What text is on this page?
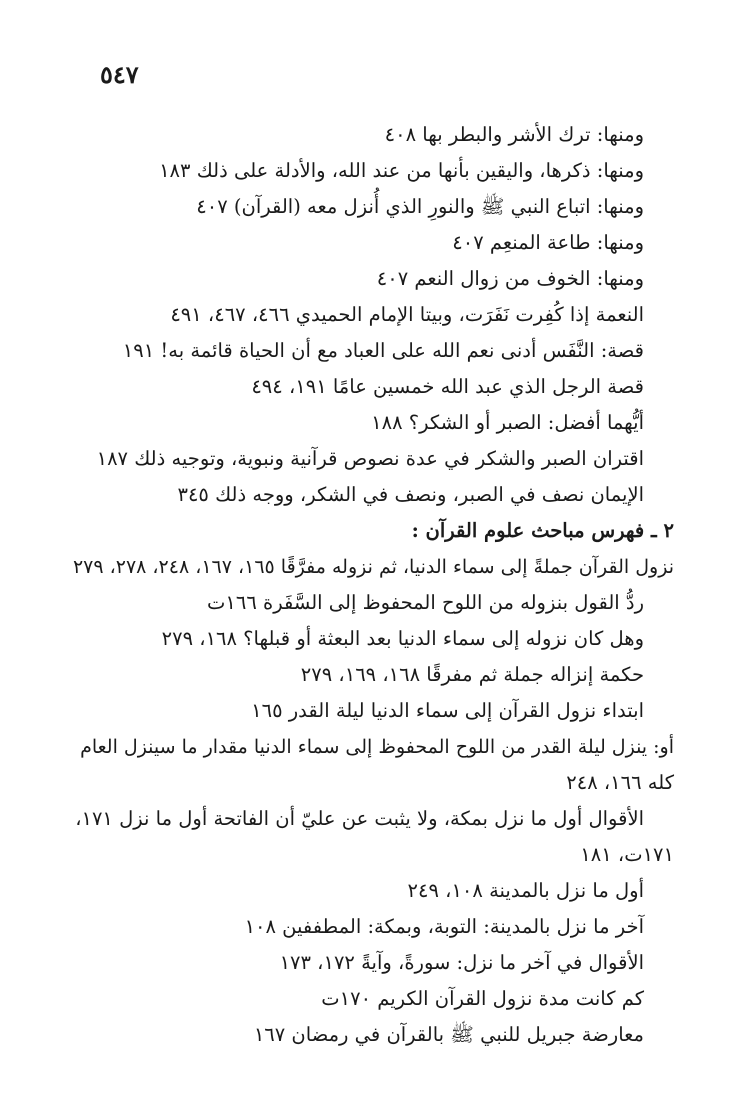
٥٤٧
ومنها: ترك الأشر والبطر بها ٤٠٨
ومنها: ذكرها، واليقين بأنها من عند الله، والأدلة على ذلك ١٨٣
ومنها: اتباع النبي ﷺ والنورِ الذي أُنزل معه (القرآن) ٤٠٧
ومنها: طاعة المنعِم ٤٠٧
ومنها: الخوف من زوال النعم ٤٠٧
النعمة إذا كُفِرت نَفَرَت، وبيتا الإمام الحميدي ٤٦٦، ٤٦٧، ٤٩١
قصة: النَّفَس أدنى نعم الله على العباد مع أن الحياة قائمة به! ١٩١
قصة الرجل الذي عبد الله خمسين عامًا ١٩١، ٤٩٤
أيُّهما أفضل: الصبر أو الشكر؟ ١٨٨
اقتران الصبر والشكر في عدة نصوص قرآنية ونبوية، وتوجيه ذلك ١٨٧
الإيمان نصف في الصبر، ونصف في الشكر، ووجه ذلك ٣٤٥
٢ ـ فهرس مباحث علوم القرآن :
نزول القرآن جملةً إلى سماء الدنيا، ثم نزوله مفرَّقًا ١٦٥، ١٦٧، ٢٤٨، ٢٧٨، ٢٧٩
ردُّ القول بنزوله من اللوح المحفوظ إلى السَّفَرة ١٦٦ت
وهل كان نزوله إلى سماء الدنيا بعد البعثة أو قبلها؟ ١٦٨، ٢٧٩
حكمة إنزاله جملة ثم مفرقًا ١٦٨، ١٦٩، ٢٧٩
ابتداء نزول القرآن إلى سماء الدنيا ليلة القدر ١٦٥
أو: ينزل ليلة القدر من اللوح المحفوظ إلى سماء الدنيا مقدار ما سينزل العام
كله ١٦٦، ٢٤٨
الأقوال أول ما نزل بمكة، ولا يثبت عن عليّ أن الفاتحة أول ما نزل ١٧١،
١٧١ت، ١٨١
أول ما نزل بالمدينة ١٠٨، ٢٤٩
آخر ما نزل بالمدينة: التوبة، وبمكة: المطففين ١٠٨
الأقوال في آخر ما نزل: سورةً، وآيةً ١٧٢، ١٧٣
كم كانت مدة نزول القرآن الكريم ١٧٠ت
معارضة جبريل للنبي ﷺ بالقرآن في رمضان ١٦٧
